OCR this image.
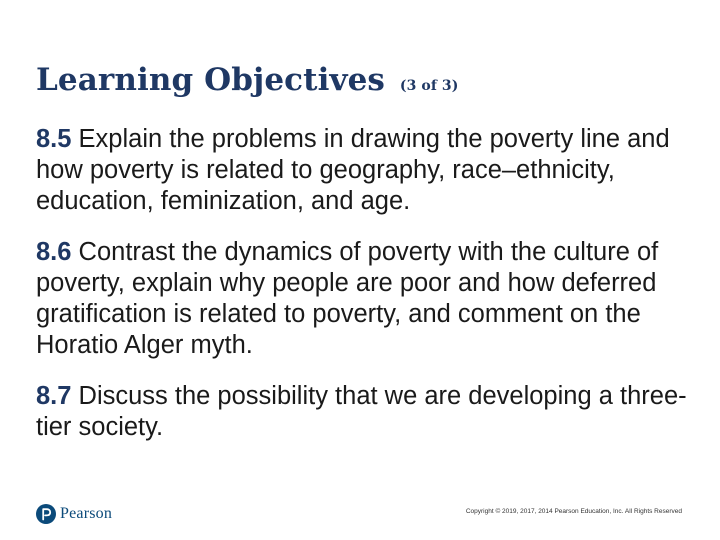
Learning Objectives (3 of 3)
8.5 Explain the problems in drawing the poverty line and how poverty is related to geography, race–ethnicity, education, feminization, and age.
8.6 Contrast the dynamics of poverty with the culture of poverty, explain why people are poor and how deferred gratification is related to poverty, and comment on the Horatio Alger myth.
8.7 Discuss the possibility that we are developing a three-tier society.
Pearson	Copyright © 2019, 2017, 2014 Pearson Education, Inc. All Rights Reserved
